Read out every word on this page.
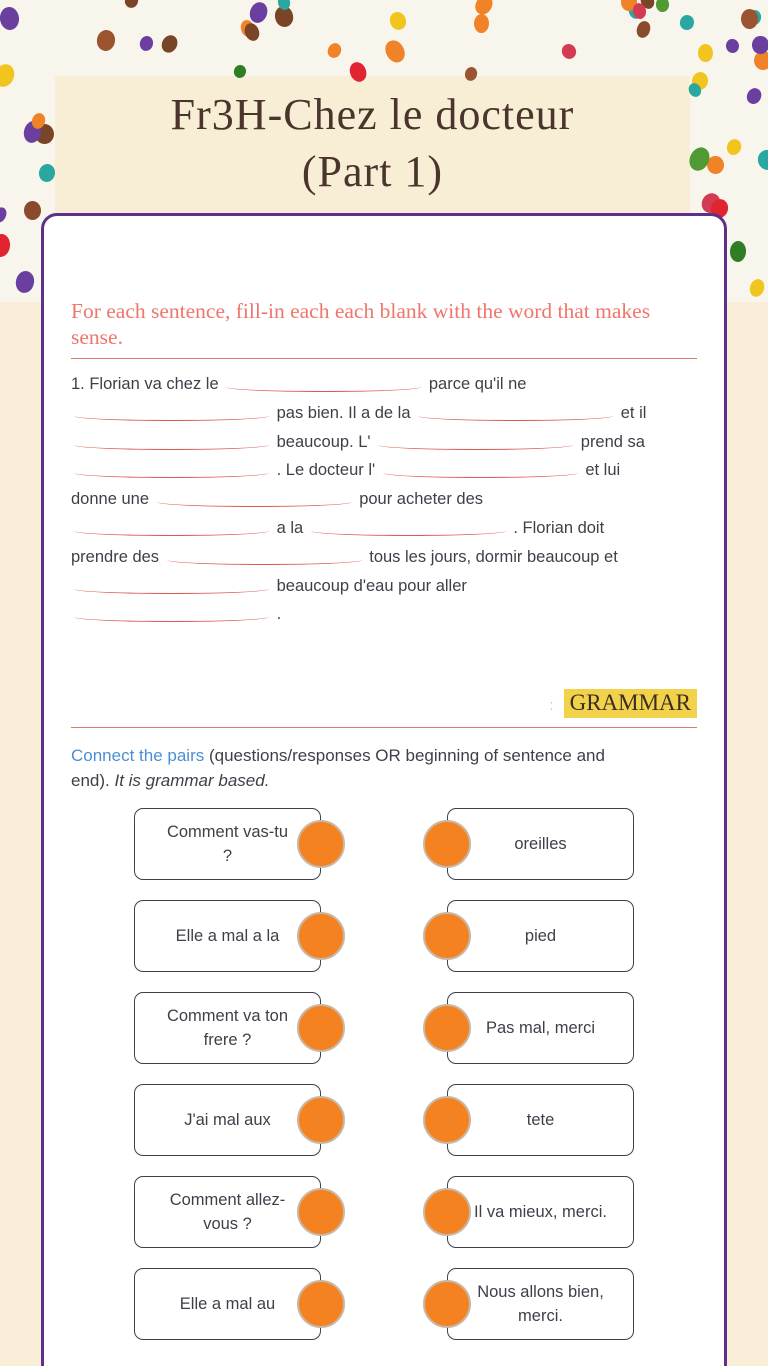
Fr3H-Chez le docteur
(Part 1)
For each sentence, fill-in each each blank with the word that makes sense.
1. Florian va chez le	parce qu'il ne
pas bien. Il a de la	et il
beaucoup. L'	prend sa
. Le docteur l'	et lui
donne une	pour acheter des
a la	. Florian doit
prendre des	tous les jours, dormir beaucoup et
beaucoup d'eau pour aller
.
: GRAMMAR
Connect the pairs (questions/responses OR beginning of sentence and end). It is grammar based.
Comment vas-tu ?
oreilles
Elle a mal a la	pied
Comment va ton frere ?
Pas mal, merci
J'ai mal aux	tete
Comment allez-vous ?
Il va mieux, merci.
Elle a mal au
Nous allons bien, merci.
